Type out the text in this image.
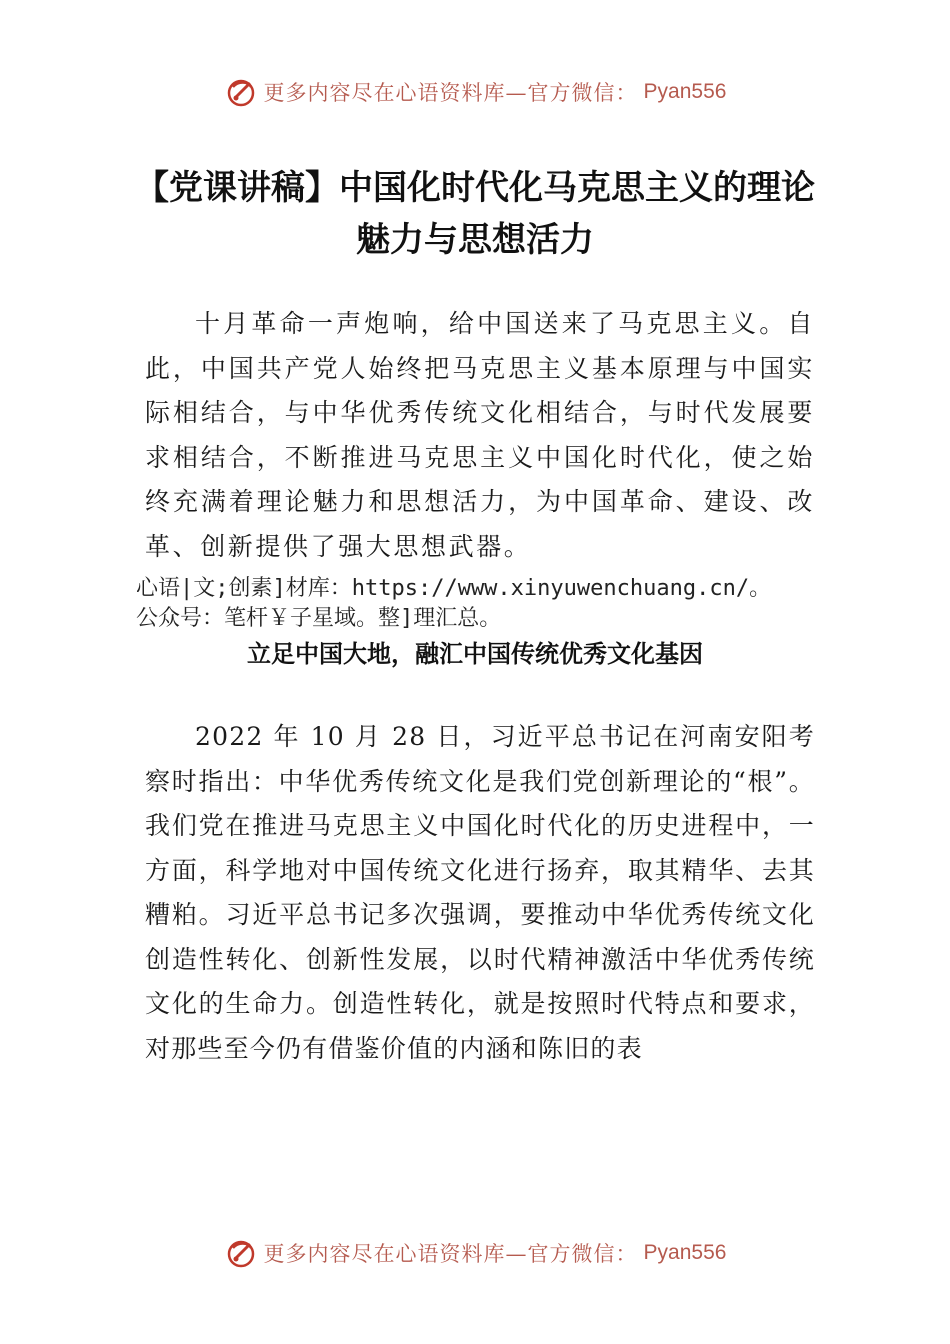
更多内容尽在心语资料库—官方微信： Pyan556
【党课讲稿】中国化时代化马克思主义的理论魅力与思想活力

十月革命一声炮响，给中国送来了马克思主义。自此，中国共产党人始终把马克思主义基本原理与中国实际相结合，与中华优秀传统文化相结合，与时代发展要求相结合，不断推进马克思主义中国化时代化，使之始终充满着理论魅力和思想活力，为中国革命、建设、改革、创新提供了强大思想武器。

心语|文;创素]材库：https://www.xinyuwenchuang.cn/。
公众号：笔杆￥子星域。整]理汇总。
立足中国大地，融汇中国传统优秀文化基因

2022 年 10 月 28 日，习近平总书记在河南安阳考察时指出：中华优秀传统文化是我们党创新理论的“根”。我们党在推进马克思主义中国化时代化的历史进程中，一方面，科学地对中国传统文化进行扬弃，取其精华、去其糟粕。习近平总书记多次强调，要推动中华优秀传统文化创造性转化、创新性发展，以时代精神激活中华优秀传统文化的生命力。创造性转化，就是按照时代特点和要求，对那些至今仍有借鉴价值的内涵和陈旧的表

更多内容尽在心语资料库—官方微信： Pyan556
